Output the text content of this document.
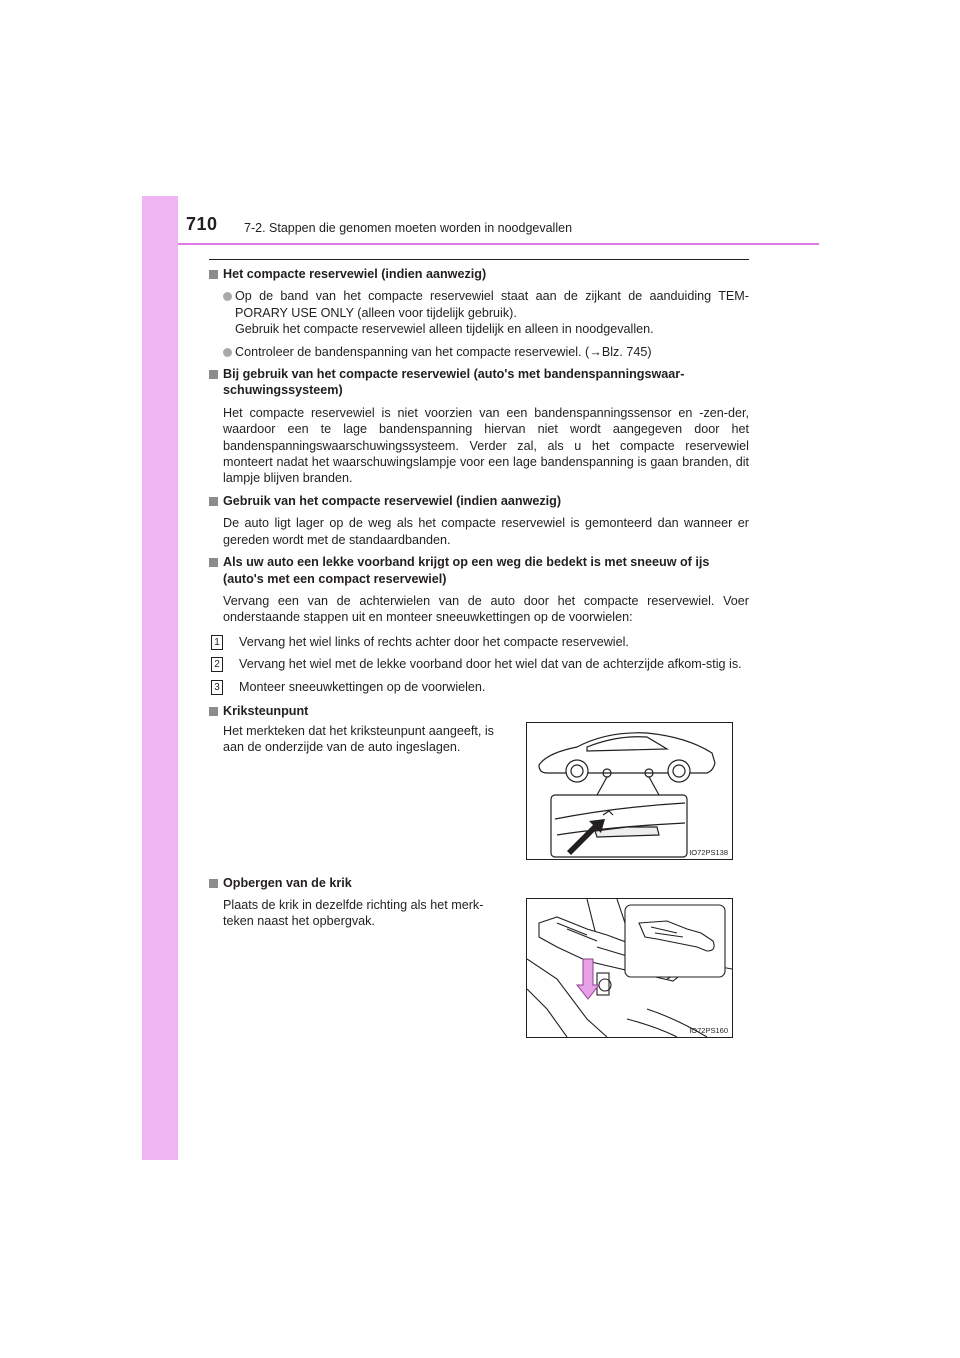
710 7-2. Stappen die genomen moeten worden in noodgevallen
Het compacte reservewiel (indien aanwezig)
Op de band van het compacte reservewiel staat aan de zijkant de aanduiding TEM-PORARY USE ONLY (alleen voor tijdelijk gebruik).
Gebruik het compacte reservewiel alleen tijdelijk en alleen in noodgevallen.
Controleer de bandenspanning van het compacte reservewiel. (→Blz. 745)
Bij gebruik van het compacte reservewiel (auto's met bandenspanningswaar-schuwingssysteem)
Het compacte reservewiel is niet voorzien van een bandenspanningssensor en -zen-der, waardoor een te lage bandenspanning hiervan niet wordt aangegeven door het bandenspanningswaarschuwingssysteem. Verder zal, als u het compacte reservewiel monteert nadat het waarschuwingslampje voor een lage bandenspanning is gaan branden, dit lampje blijven branden.
Gebruik van het compacte reservewiel (indien aanwezig)
De auto ligt lager op de weg als het compacte reservewiel is gemonteerd dan wanneer er gereden wordt met de standaardbanden.
Als uw auto een lekke voorband krijgt op een weg die bedekt is met sneeuw of ijs (auto's met een compact reservewiel)
Vervang een van de achterwielen van de auto door het compacte reservewiel. Voer onderstaande stappen uit en monteer sneeuwkettingen op de voorwielen:
1 Vervang het wiel links of rechts achter door het compacte reservewiel.
2 Vervang het wiel met de lekke voorband door het wiel dat van de achterzijde afkom-stig is.
3 Monteer sneeuwkettingen op de voorwielen.
Kriksteunpunt
Het merkteken dat het kriksteunpunt aangeeft, is aan de onderzijde van de auto ingeslagen.
IO72PS138
Opbergen van de krik
Plaats de krik in dezelfde richting als het merk-teken naast het opbergvak.
IO72PS160
